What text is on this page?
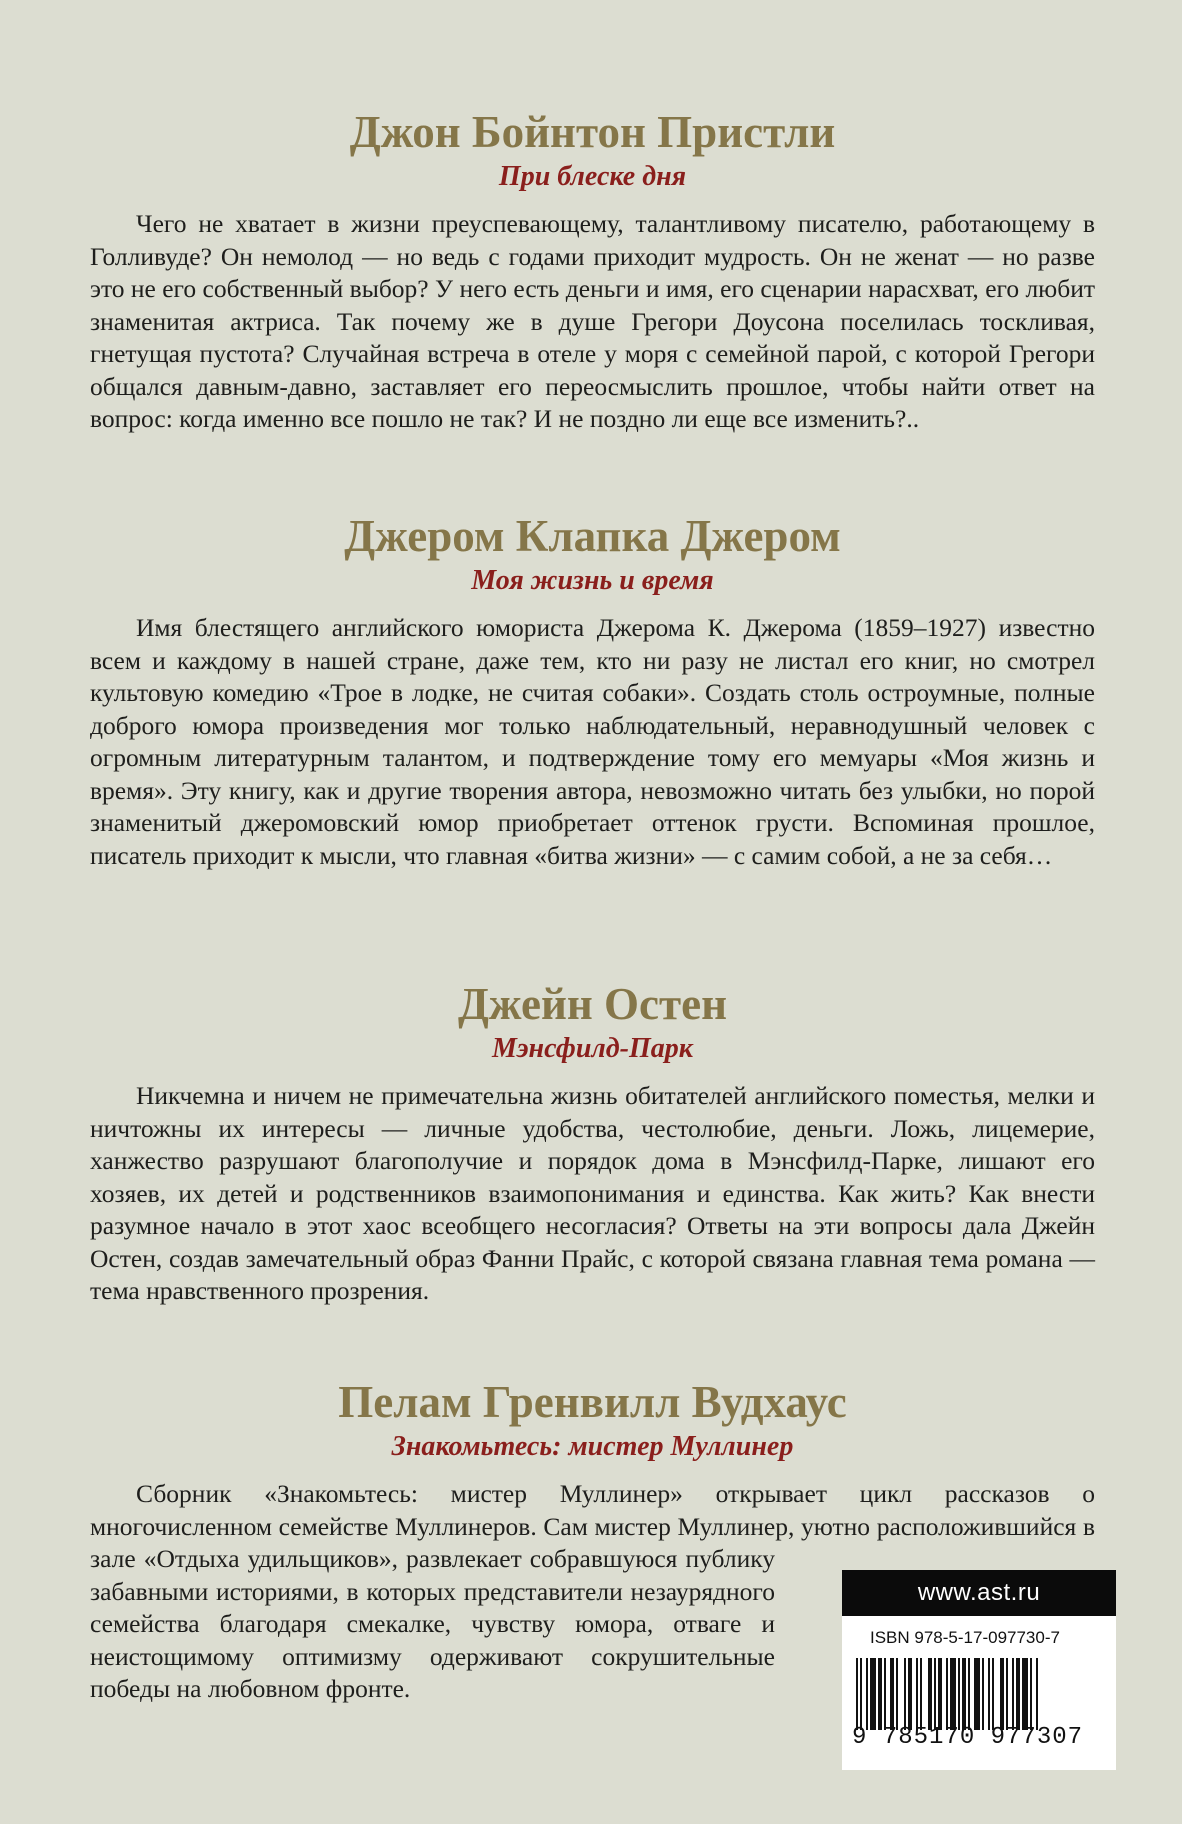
Джон Бойнтон Пристли
При блеске дня

Чего не хватает в жизни преуспевающему, талантливому писателю, работающему в Голливуде? Он немолод — но ведь с годами приходит мудрость. Он не женат — но разве это не его собственный выбор? У него есть деньги и имя, его сценарии нарасхват, его любит знаменитая актриса. Так почему же в душе Грегори Доусона поселилась тоскливая, гнетущая пустота? Случайная встреча в отеле у моря с семейной парой, с которой Грегори общался давным-давно, заставляет его переосмыслить прошлое, чтобы найти ответ на вопрос: когда именно все пошло не так? И не поздно ли еще все изменить?..

Джером Клапка Джером
Моя жизнь и время

Имя блестящего английского юмориста Джерома К. Джерома (1859–1927) известно всем и каждому в нашей стране, даже тем, кто ни разу не листал его книг, но смотрел культовую комедию «Трое в лодке, не считая собаки». Создать столь остроумные, полные доброго юмора произведения мог только наблюдательный, неравнодушный человек с огромным литературным талантом, и подтверждение тому его мемуары «Моя жизнь и время». Эту книгу, как и другие творения автора, невозможно читать без улыбки, но порой знаменитый джеромовский юмор приобретает оттенок грусти. Вспоминая прошлое, писатель приходит к мысли, что главная «битва жизни» — с самим собой, а не за себя…

Джейн Остен
Мэнсфилд-Парк

Никчемна и ничем не примечательна жизнь обитателей английского поместья, мелки и ничтожны их интересы — личные удобства, честолюбие, деньги. Ложь, лицемерие, ханжество разрушают благополучие и порядок дома в Мэнсфилд-Парке, лишают его хозяев, их детей и родственников взаимопонимания и единства. Как жить? Как внести разумное начало в этот хаос всеобщего несогласия? Ответы на эти вопросы дала Джейн Остен, создав замечательный образ Фанни Прайс, с которой связана главная тема романа — тема нравственного прозрения.

Пелам Гренвилл Вудхаус
Знакомьтесь: мистер Муллинер

Сборник «Знакомьтесь: мистер Муллинер» открывает цикл рассказов о многочисленном семействе Муллинеров. Сам мистер Муллинер, уютно расположившийся в зале «Отдыха удильщиков», развлекает собравшуюся публику забавными историями, в которых представители незаурядного семейства благодаря смекалке, чувству юмора, отваге и неистощимому оптимизму одерживают сокрушительные победы на любовном фронте.

www.ast.ru
ISBN 978-5-17-097730-7
9 785170 977307
